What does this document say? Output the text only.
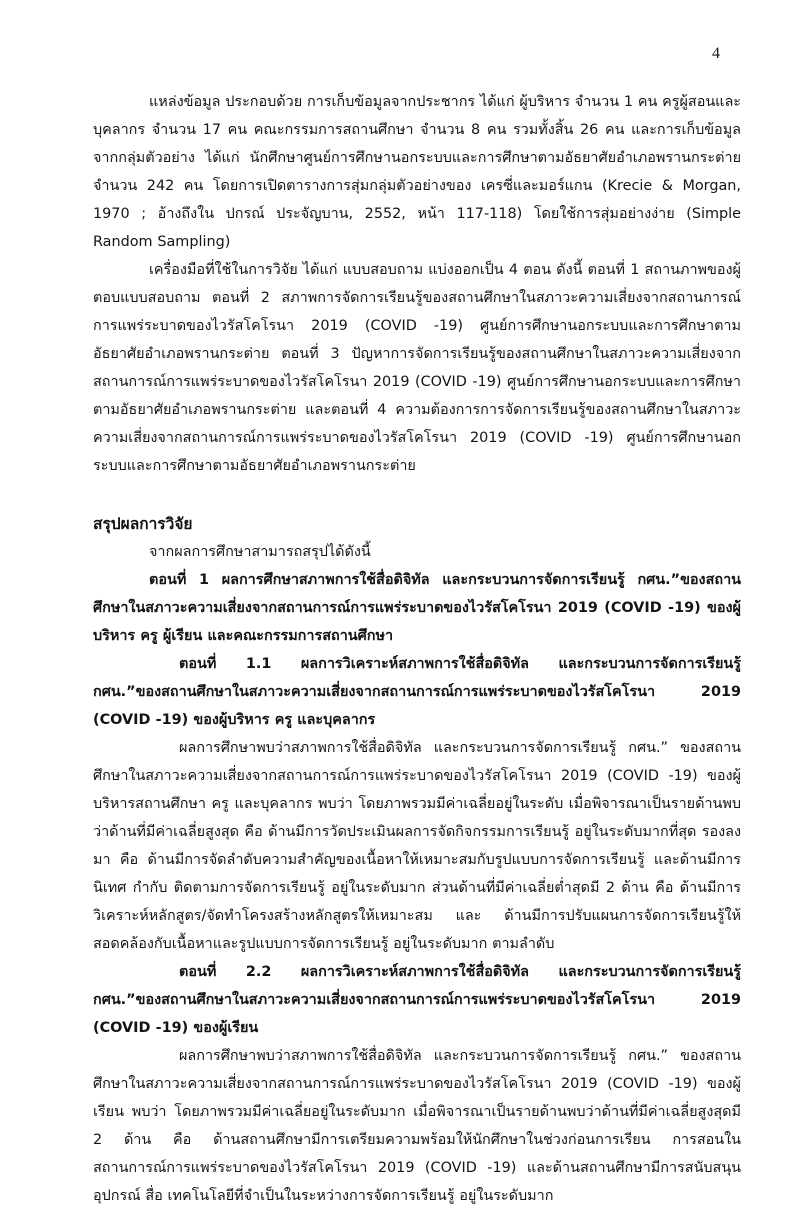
4

แหล่งข้อมูล ประกอบด้วย การเก็บข้อมูลจากประชากร ได้แก่ ผู้บริหาร จำนวน 1 คน ครูผู้สอนและบุคลากร จำนวน 17 คน คณะกรรมการสถานศึกษา จำนวน 8 คน รวมทั้งสิ้น 26 คน และการเก็บข้อมูลจากกลุ่มตัวอย่าง ได้แก่ นักศึกษาศูนย์การศึกษานอกระบบและการศึกษาตามอัธยาศัยอำเภอพรานกระต่าย จำนวน 242 คน โดยการเปิดตารางการสุ่มกลุ่มตัวอย่างของ เครซี่และมอร์แกน (Krecie & Morgan, 1970 ; อ้างถึงใน ปกรณ์ ประจัญบาน, 2552, หน้า 117-118) โดยใช้การสุ่มอย่างง่าย (Simple Random Sampling)

เครื่องมือที่ใช้ในการวิจัย ได้แก่ แบบสอบถาม แบ่งออกเป็น 4 ตอน ดังนี้ ตอนที่ 1 สถานภาพของผู้ตอบแบบสอบถาม ตอนที่ 2 สภาพการจัดการเรียนรู้ของสถานศึกษาในสภาวะความเสี่ยงจากสถานการณ์การแพร่ระบาดของไวรัสโคโรนา 2019 (COVID -19) ศูนย์การศึกษานอกระบบและการศึกษาตามอัธยาศัยอำเภอพรานกระต่าย ตอนที่ 3 ปัญหาการจัดการเรียนรู้ของสถานศึกษาในสภาวะความเสี่ยงจากสถานการณ์การแพร่ระบาดของไวรัสโคโรนา 2019 (COVID -19) ศูนย์การศึกษานอกระบบและการศึกษาตามอัธยาศัยอำเภอพรานกระต่าย และตอนที่ 4 ความต้องการการจัดการเรียนรู้ของสถานศึกษาในสภาวะความเสี่ยงจากสถานการณ์การแพร่ระบาดของไวรัสโคโรนา 2019 (COVID -19) ศูนย์การศึกษานอกระบบและการศึกษาตามอัธยาศัยอำเภอพรานกระต่าย

สรุปผลการวิจัย

จากผลการศึกษาสามารถสรุปได้ดังนี้

ตอนที่ 1 ผลการศึกษาสภาพการใช้สื่อดิจิทัล และกระบวนการจัดการเรียนรู้ กศน.”ของสถานศึกษาในสภาวะความเสี่ยงจากสถานการณ์การแพร่ระบาดของไวรัสโคโรนา 2019 (COVID -19) ของผู้บริหาร ครู ผู้เรียน และคณะกรรมการสถานศึกษา

ตอนที่ 1.1 ผลการวิเคราะห์สภาพการใช้สื่อดิจิทัล และกระบวนการจัดการเรียนรู้ กศน.”ของสถานศึกษาในสภาวะความเสี่ยงจากสถานการณ์การแพร่ระบาดของไวรัสโคโรนา 2019 (COVID -19) ของผู้บริหาร ครู และบุคลากร

ผลการศึกษาพบว่าสภาพการใช้สื่อดิจิทัล และกระบวนการจัดการเรียนรู้ กศน.” ของสถานศึกษาในสภาวะความเสี่ยงจากสถานการณ์การแพร่ระบาดของไวรัสโคโรนา 2019 (COVID -19) ของผู้บริหารสถานศึกษา ครู และบุคลากร พบว่า โดยภาพรวมมีค่าเฉลี่ยอยู่ในระดับ เมื่อพิจารณาเป็นรายด้านพบว่าด้านที่มีค่าเฉลี่ยสูงสุด คือ ด้านมีการวัดประเมินผลการจัดกิจกรรมการเรียนรู้ อยู่ในระดับมากที่สุด รองลงมา คือ ด้านมีการจัดลำดับความสำคัญของเนื้อหาให้เหมาะสมกับรูปแบบการจัดการเรียนรู้ และด้านมีการนิเทศ กำกับ ติดตามการจัดการเรียนรู้ อยู่ในระดับมาก ส่วนด้านที่มีค่าเฉลี่ยต่ำสุดมี 2 ด้าน คือ ด้านมีการวิเคราะห์หลักสูตร/จัดทำโครงสร้างหลักสูตรให้เหมาะสม และ ด้านมีการปรับแผนการจัดการเรียนรู้ให้สอดคล้องกับเนื้อหาและรูปแบบการจัดการเรียนรู้ อยู่ในระดับมาก ตามลำดับ

ตอนที่ 2.2 ผลการวิเคราะห์สภาพการใช้สื่อดิจิทัล และกระบวนการจัดการเรียนรู้ กศน.”ของสถานศึกษาในสภาวะความเสี่ยงจากสถานการณ์การแพร่ระบาดของไวรัสโคโรนา 2019 (COVID -19) ของผู้เรียน

ผลการศึกษาพบว่าสภาพการใช้สื่อดิจิทัล และกระบวนการจัดการเรียนรู้ กศน.” ของสถานศึกษาในสภาวะความเสี่ยงจากสถานการณ์การแพร่ระบาดของไวรัสโคโรนา 2019 (COVID -19) ของผู้เรียน พบว่า โดยภาพรวมมีค่าเฉลี่ยอยู่ในระดับมาก เมื่อพิจารณาเป็นรายด้านพบว่าด้านที่มีค่าเฉลี่ยสูงสุดมี 2 ด้าน คือ ด้านสถานศึกษามีการเตรียมความพร้อมให้นักศึกษาในช่วงก่อนการเรียน การสอนในสถานการณ์การแพร่ระบาดของไวรัสโคโรนา 2019 (COVID -19) และด้านสถานศึกษามีการสนับสนุนอุปกรณ์ สื่อ เทคโนโลยีที่จำเป็นในระหว่างการจัดการเรียนรู้ อยู่ในระดับมาก
